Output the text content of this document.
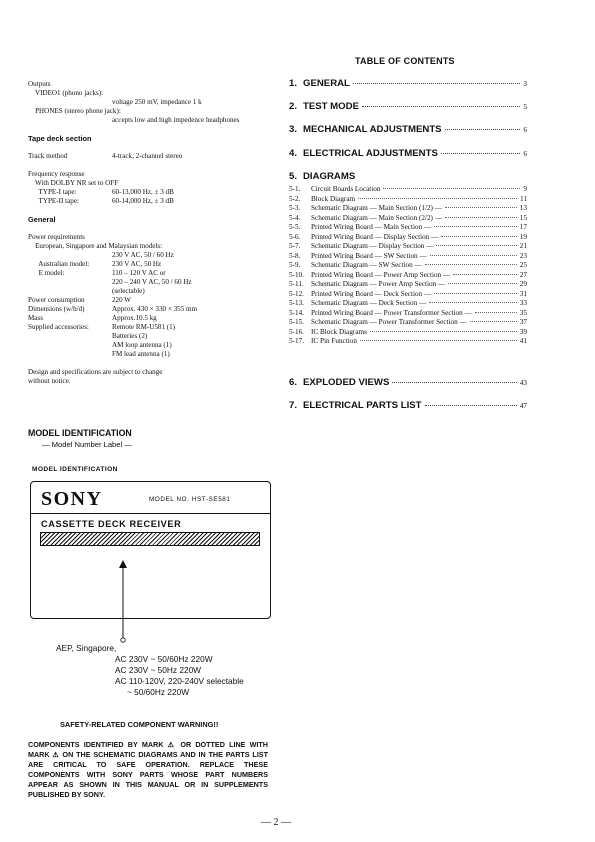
Outputs
VIDEO1 (phono jacks):
voltage 250 mV, impedance 1 k
PHONES (stereo phone jack):
accepts low and high impedence headphones
Tape deck section
Track method	4-track, 2-channel stereo
Frequency response
With DOLBY NR set to OFF
TYPE-I tape:	60-13,000 Hz, ± 3 dB
TYPE-II tape:	60-14,000 Hz, ± 3 dB
General
Power requirements
European, Singapore and Malaysian models:
230 V AC, 50 / 60 Hz
Australian model:	230 V AC, 50 Hz
E model:	110 – 120 V AC or
220 – 240 V AC, 50 / 60 Hz
(selectable)
Power consumption	220 W
Dimensions (w/h/d)	Approx. 430 × 330 × 355 mm
Mass	Approx.10.5 kg
Supplied accessories:	Remote RM-U581 (1)
Batteries (2)
AM loop antenna (1)
FM lead antenna (1)
Design and specifications are subject to change
without notice.
TABLE OF CONTENTS
1. GENERAL	3
2. TEST MODE	5
3. MECHANICAL ADJUSTMENTS	6
4. ELECTRICAL ADJUSTMENTS	6
5. DIAGRAMS
6. EXPLODED VIEWS	43
7. ELECTRICAL PARTS LIST	47
5-1.	Circuit Boards Location	9
5-2.	Block Diagram	11
5-3.	Schematic Diagram — Main Section (1/2) —	13
5-4.	Schematic Diagram — Main Section (2/2) —	15
5-5.	Printed Wiring Board — Main Section —	17
5-6.	Printed Wiring Board — Display Section —	19
5-7.	Schematic Diagram — Display Section —	21
5-8.	Printed Wiring Board — SW Section —	23
5-9.	Schematic Diagram — SW Section —	25
5-10. Printed Wiring Board — Power Amp Section —	27
5-11.	Schematic Diagram — Power Amp Section —	29
5-12. Printed Wiring Board — Deck Section —	31
5-13. Schematic Diagram — Deck Section —	33
5-14. Printed Wiring Board — Power Transformer Section —	35
5-15. Schematic Diagram — Power Transformer Section —	37
5-16. IC Block Diagrams	39
5-17. IC Pin Function	41
MODEL IDENTIFICATION
— Model Number Label —
MODEL IDENTIFICATION
SONY	MODEL NO. HST-SE581
CASSETTE DECK RECEIVER
AEP, Singapore,
AC 230V ~ 50/60Hz 220W
AC 230V ~ 50Hz 220W
AC 110-120V, 220-240V selectable
~ 50/60Hz 220W
SAFETY-RELATED COMPONENT WARNING!!
COMPONENTS IDENTIFIED BY MARK ⚠ OR DOTTED LINE WITH MARK ⚠ ON THE SCHEMATIC DIAGRAMS AND IN THE PARTS LIST ARE CRITICAL TO SAFE OPERATION. REPLACE THESE COMPONENTS WITH SONY PARTS WHOSE PART NUMBERS APPEAR AS SHOWN IN THIS MANUAL OR IN SUPPLEMENTS PUBLISHED BY SONY.
— 2 —
